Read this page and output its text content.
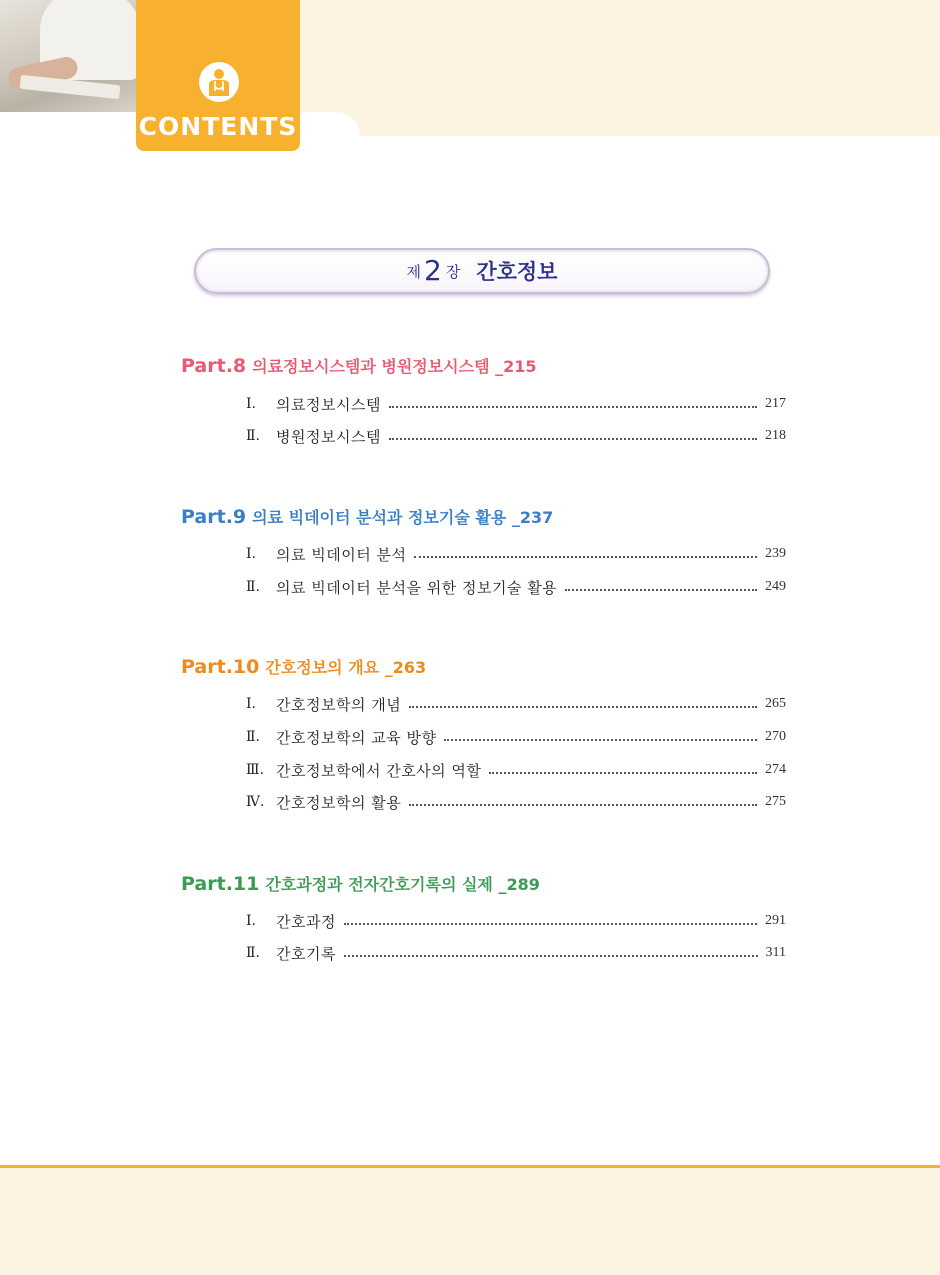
CONTENTS
제 2 장 간호정보
Part.8 의료정보시스템과 병원정보시스템 _215
Ⅰ.	의료정보시스템	217
Ⅱ.	병원정보시스템	218
Part.9 의료 빅데이터 분석과 정보기술 활용 _237
Ⅰ.	의료 빅데이터 분석	239
Ⅱ.	의료 빅데이터 분석을 위한 정보기술 활용	249
Part.10 간호정보의 개요 _263
Ⅰ.	간호정보학의 개념	265
Ⅱ.	간호정보학의 교육 방향	270
Ⅲ. 간호정보학에서 간호사의 역할	274
Ⅳ. 간호정보학의 활용	275
Part.11 간호과정과 전자간호기록의 실제 _289
Ⅰ.	간호과정	291
Ⅱ.	간호기록	311
